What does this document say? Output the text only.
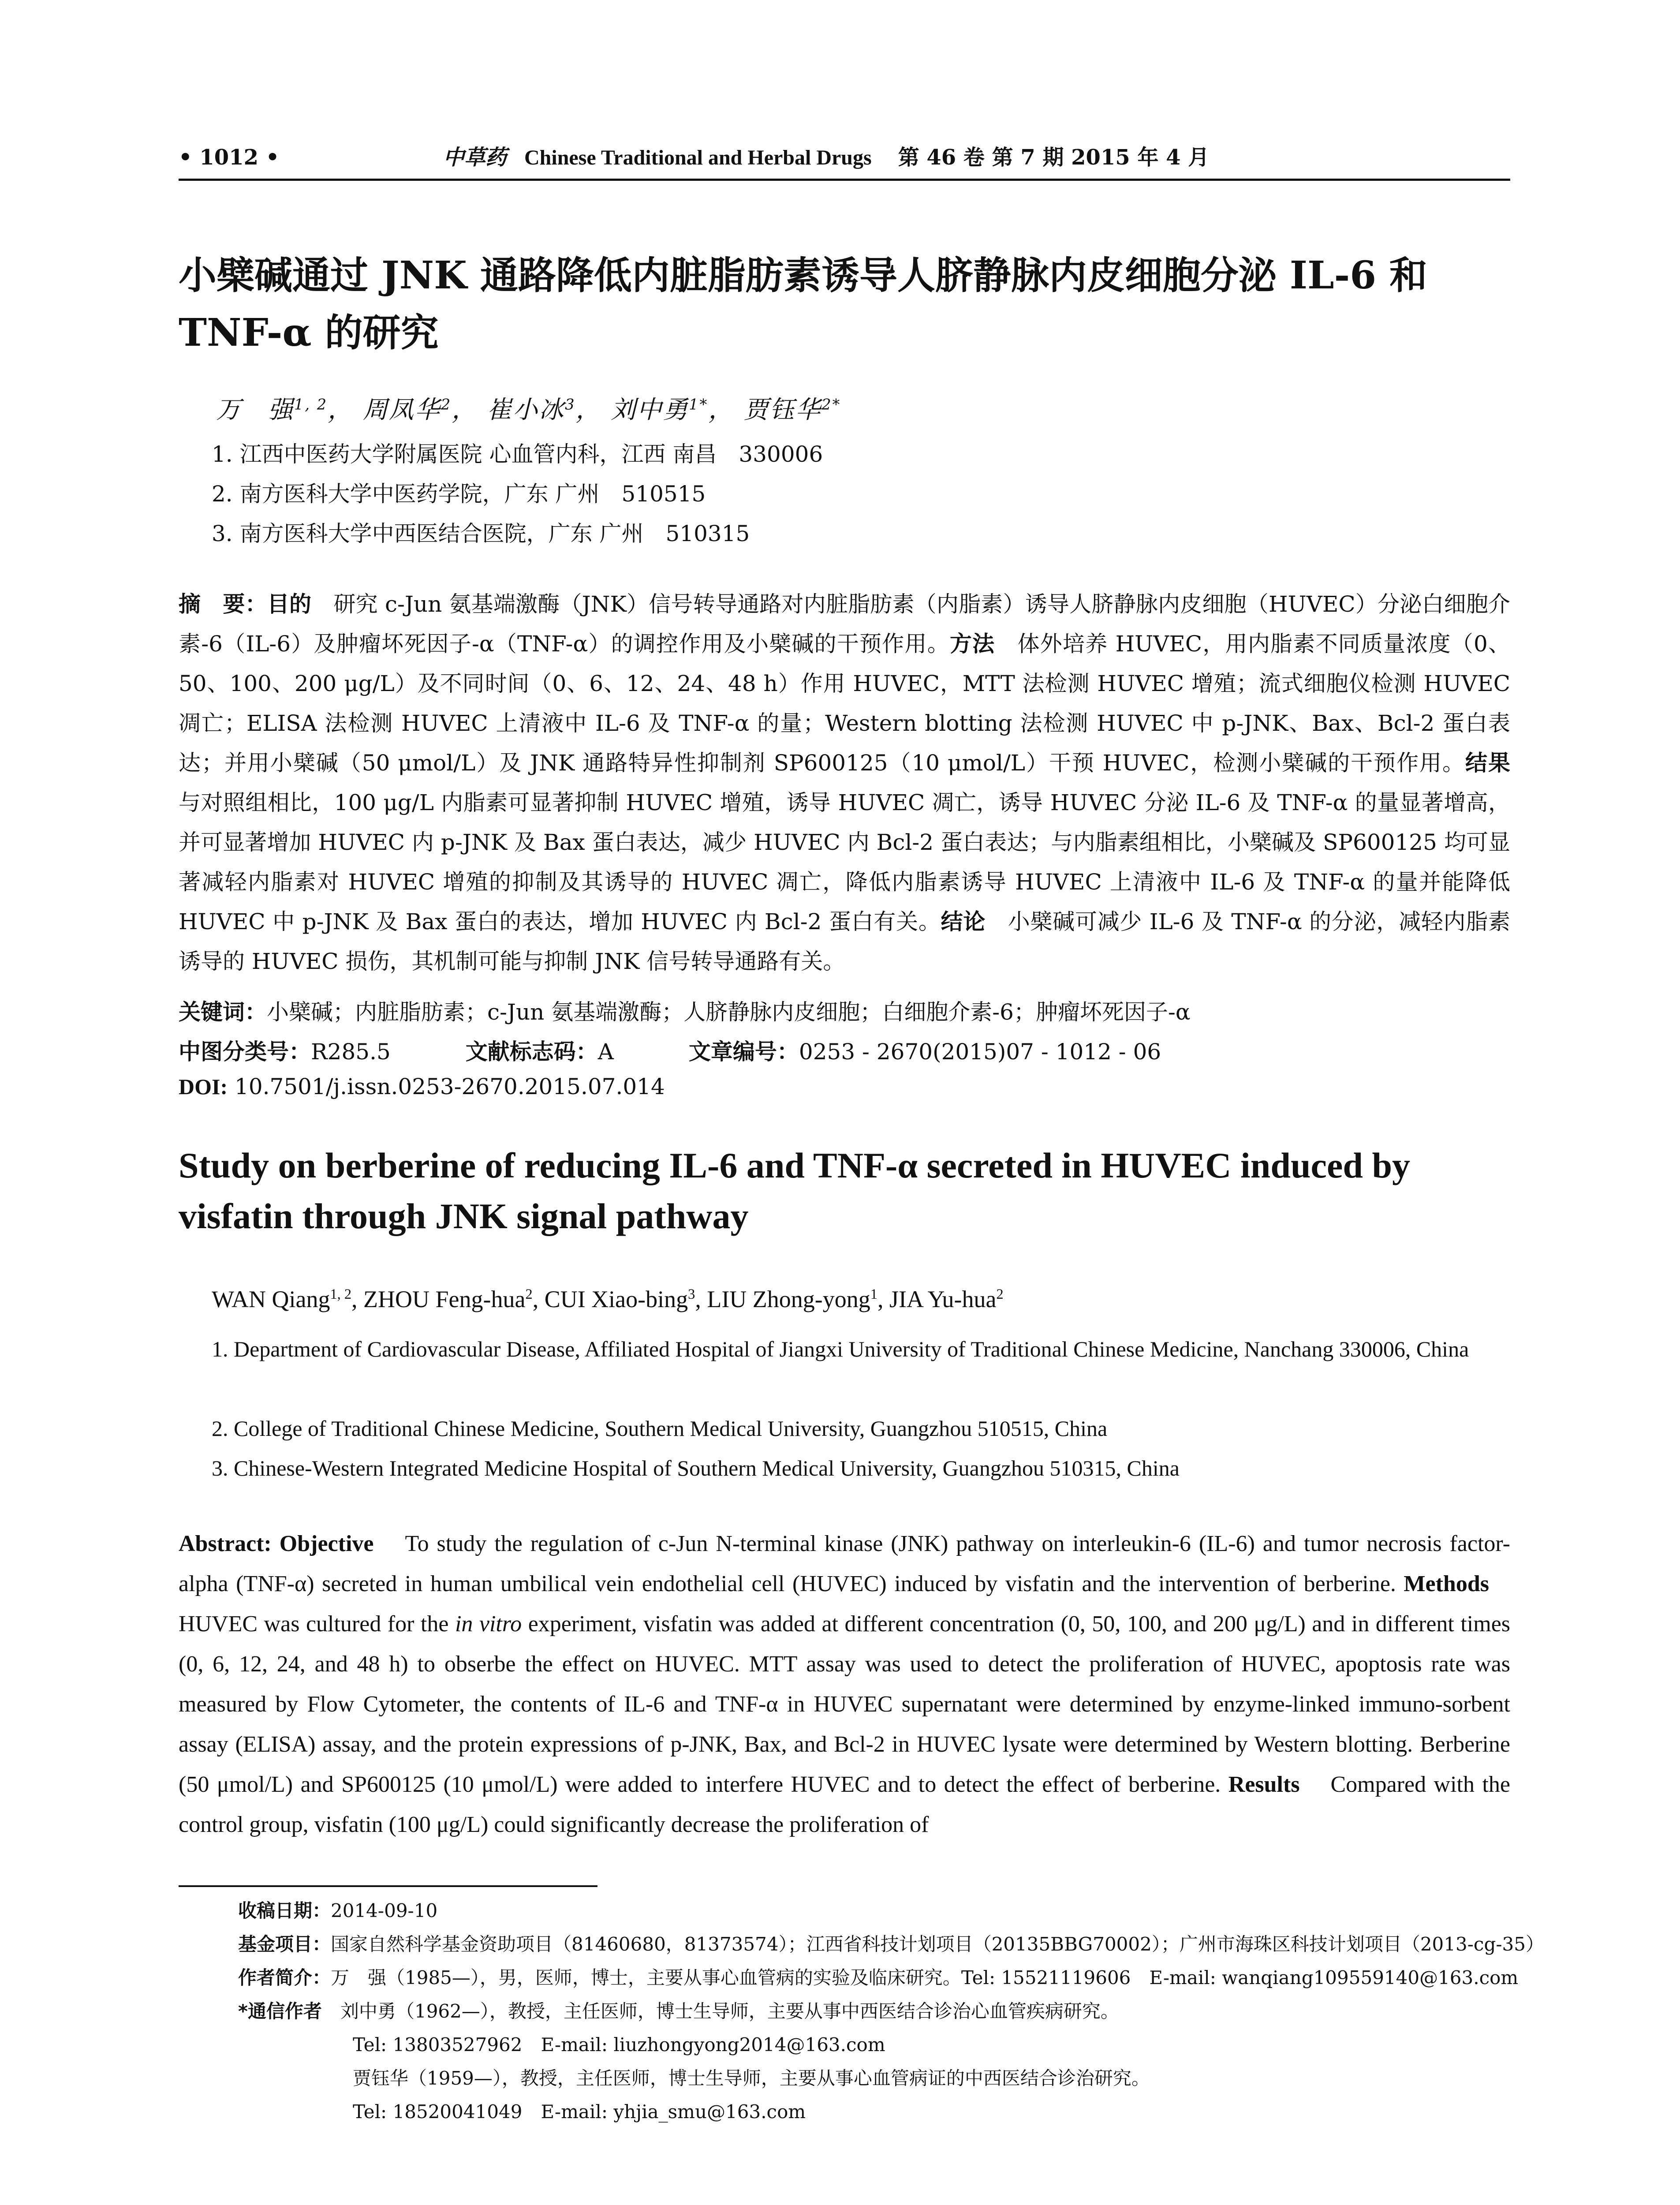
• 1012 •	中草药 Chinese Traditional and Herbal Drugs 第 46 卷 第 7 期 2015 年 4 月
小檗碱通过 JNK 通路降低内脏脂肪素诱导人脐静脉内皮细胞分泌 IL-6 和 TNF-α 的研究
万　强$^{1, 2}$， 周凤华$^2$， 崔小冰$^3$， 刘中勇$^{1*}$， 贾钰华$^{2*}$
1. 江西中医药大学附属医院 心血管内科，江西 南昌　330006
2. 南方医科大学中医药学院，广东 广州　510515
3. 南方医科大学中西医结合医院，广东 广州　510315
摘　要：目的　 研究 c-Jun 氨基端激酶（JNK）信号转导通路对内脏脂肪素（内脂素）诱导人脐静脉内皮细胞（HUVEC）分泌白细胞介素-6（IL-6）及肿瘤坏死因子-α（TNF-α）的调控作用及小檗碱的干预作用。方法　 体外培养 HUVEC，用内脂素不同质量浓度（0、50、100、200 μg/L）及不同时间（0、6、12、24、48 h）作用 HUVEC，MTT 法检测 HUVEC 增殖；流式细胞仪检测 HUVEC 凋亡；ELISA 法检测 HUVEC 上清液中 IL-6 及 TNF-α 的量；Western blotting 法检测 HUVEC 中 p-JNK、Bax、Bcl-2 蛋白表达；并用小檗碱（50 μmol/L）及 JNK 通路特异性抑制剂 SP600125（10 μmol/L）干预 HUVEC，检测小檗碱的干预作用。结果　与对照组相比，100 μg/L 内脂素可显著抑制 HUVEC 增殖，诱导 HUVEC 凋亡，诱导 HUVEC 分泌 IL-6 及 TNF-α 的量显著增高，并可显著增加 HUVEC 内 p-JNK 及 Bax 蛋白表达，减少 HUVEC 内 Bcl-2 蛋白表达；与内脂素组相比，小檗碱及 SP600125 均可显著减轻内脂素对 HUVEC 增殖的抑制及其诱导的 HUVEC 凋亡，降低内脂素诱导 HUVEC 上清液中 IL-6 及 TNF-α 的量并能降低 HUVEC 中 p-JNK 及 Bax 蛋白的表达，增加 HUVEC 内 Bcl-2 蛋白有关。结论　 小檗碱可减少 IL-6 及 TNF-α 的分泌，减轻内脂素诱导的 HUVEC 损伤，其机制可能与抑制 JNK 信号转导通路有关。
关键词：小檗碱；内脏脂肪素；c-Jun 氨基端激酶；人脐静脉内皮细胞；白细胞介素-6；肿瘤坏死因子-α
中图分类号：R285.5	文献标志码：A	文章编号：0253 - 2670(2015)07 - 1012 - 06
DOI: 10.7501/j.issn.0253-2670.2015.07.014
Study on berberine of reducing IL-6 and TNF-α secreted in HUVEC induced by visfatin through JNK signal pathway
WAN Qiang$^{1, 2}$, ZHOU Feng-hua$^2$, CUI Xiao-bing$^3$, LIU Zhong-yong$^1$, JIA Yu-hua$^2$
1. Department of Cardiovascular Disease, Affiliated Hospital of Jiangxi University of Traditional Chinese Medicine, Nanchang 330006, China
2. College of Traditional Chinese Medicine, Southern Medical University, Guangzhou 510515, China
3. Chinese-Western Integrated Medicine Hospital of Southern Medical University, Guangzhou 510315, China
Abstract: Objective To study the regulation of c-Jun N-terminal kinase (JNK) pathway on interleukin-6 (IL-6) and tumor necrosis factor-alpha (TNF-α) secreted in human umbilical vein endothelial cell (HUVEC) induced by visfatin and the intervention of berberine. Methods    HUVEC was cultured for the in vitro experiment, visfatin was added at different concentration (0, 50, 100, and 200 μg/L) and in different times (0, 6, 12, 24, and 48 h) to obserbe the effect on HUVEC. MTT assay was used to detect the proliferation of HUVEC, apoptosis rate was measured by Flow Cytometer, the contents of IL-6 and TNF-α in HUVEC supernatant were determined by enzyme-linked immuno-sorbent assay (ELISA) assay, and the protein expressions of p-JNK, Bax, and Bcl-2 in HUVEC lysate were determined by Western blotting. Berberine (50 μmol/L) and SP600125 (10 μmol/L) were added to interfere HUVEC and to detect the effect of berberine. Results Compared with the control group, visfatin (100 μg/L) could significantly decrease the proliferation of
收稿日期：2014-09-10
基金项目：国家自然科学基金资助项目（81460680，81373574）；江西省科技计划项目（20135BBG70002）；广州市海珠区科技计划项目（2013-cg-35）
作者简介：万　强（1985—），男，医师，博士，主要从事心血管病的实验及临床研究。Tel: 15521119606　E-mail: wanqiang109559140@163.com
*通信作者　 刘中勇（1962—），教授，主任医师，博士生导师，主要从事中西医结合诊治心血管疾病研究。
Tel: 13803527962　E-mail: liuzhongyong2014@163.com
贾钰华（1959—），教授，主任医师，博士生导师，主要从事心血管病证的中西医结合诊治研究。
Tel: 18520041049　E-mail: yhjia_smu@163.com
